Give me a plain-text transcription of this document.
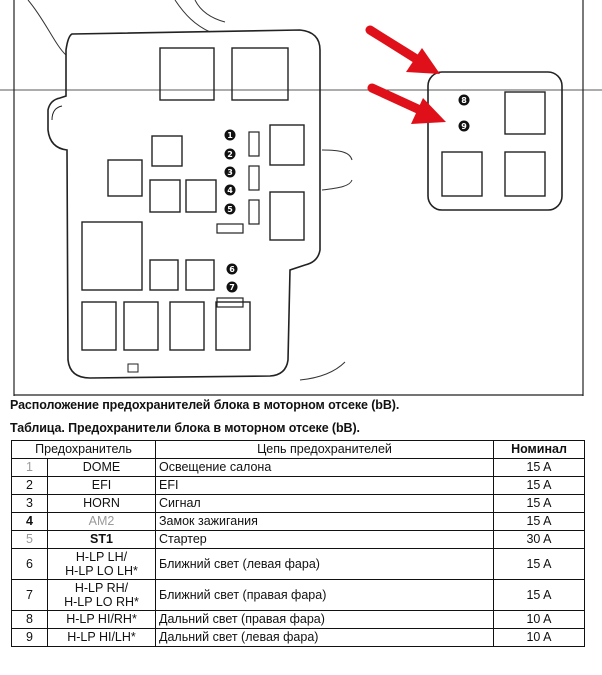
1
2
3
4
5
6
7
8
9
Расположение предохранителей блока в моторном отсеке (bB).
Таблица. Предохранители блока в моторном отсеке (bB).
Предохранитель		Цепь предохранителей	Номинал
1	DOME	Освещение салона	15 A
2	EFI	EFI	15 A
3	HORN	Сигнал	15 A
4	AM2	Замок зажигания	15 A
5	ST1	Стартер	30 A
6	H-LP LH/
H-LP LO LH*	Ближний свет (левая фара)	15 A
7	H-LP RH/
H-LP LO RH*	Ближний свет (правая фара)	15 A
8	H-LP HI/RH*	Дальний свет (правая фара)	10 A
9	H-LP HI/LH*	Дальний свет (левая фара)	10 A
